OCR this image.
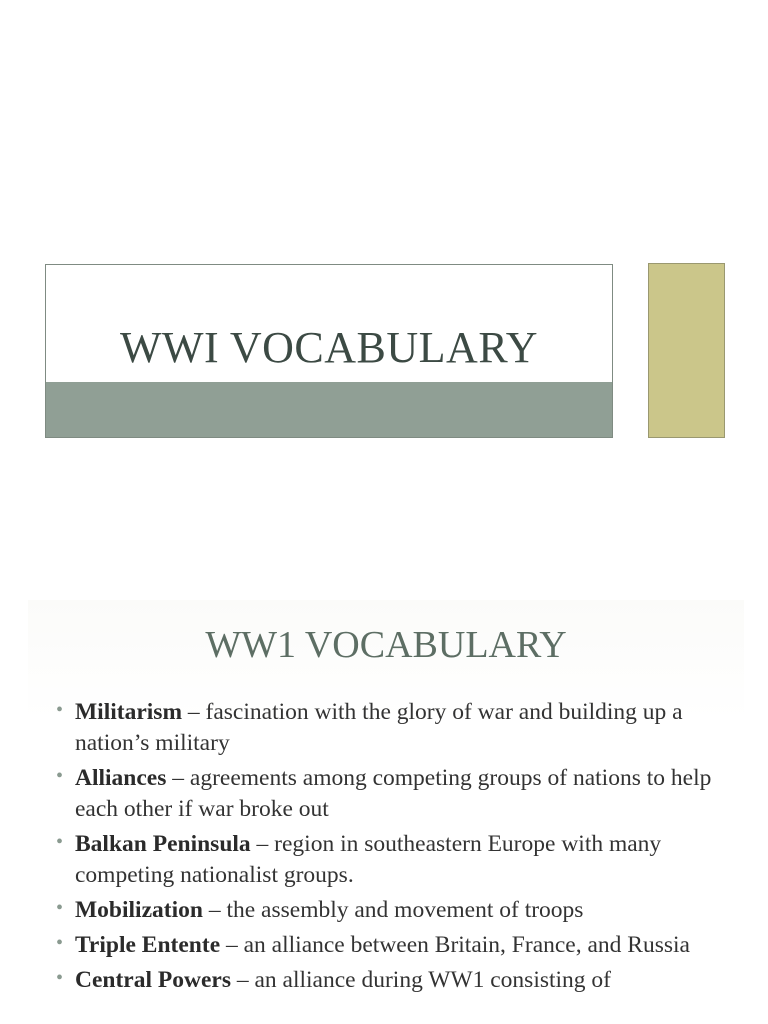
WWI VOCABULARY
WW1 VOCABULARY
• Militarism – fascination with the glory of war and building up a nation’s military
• Alliances – agreements among competing groups of nations to help each other if war broke out
• Balkan Peninsula – region in southeastern Europe with many competing nationalist groups.
• Mobilization – the assembly and movement of troops
• Triple Entente – an alliance between Britain, France, and Russia
• Central Powers – an alliance during WW1 consisting of
